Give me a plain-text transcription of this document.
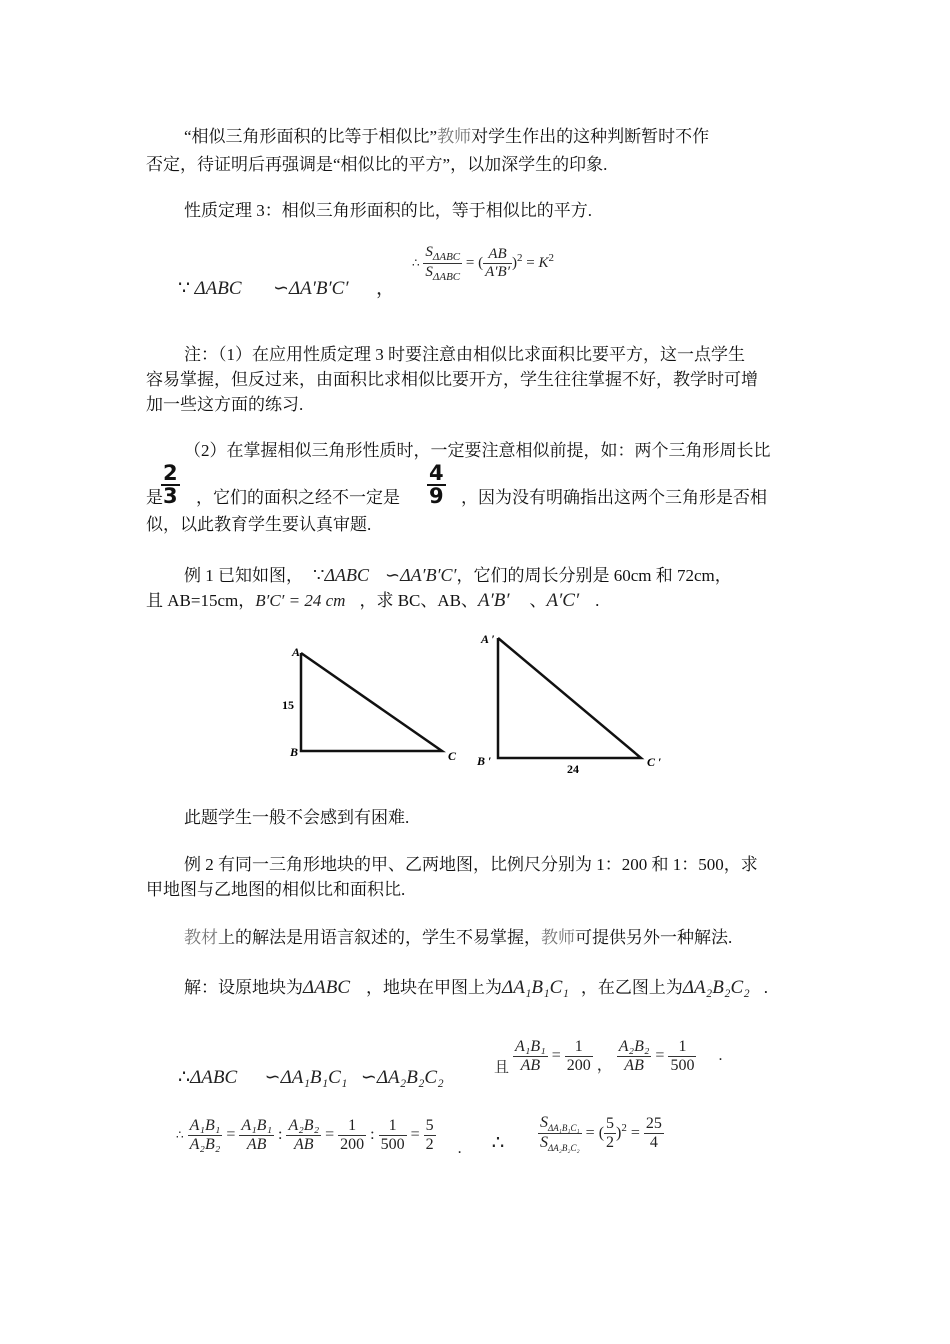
“相似三角形面积的比等于相似比”教师对学生作出的这种判断暂时不作
否定，待证明后再强调是“相似比的平方”，以加深学生的印象.
性质定理 3：相似三角形面积的比，等于相似比的平方.
∵ ΔABC ∽ΔA′B′C′ ，
∴ $\frac{S_{\Delta ABC}}{S_{\Delta ABC}}$ = ( $\frac{AB}{A'B'} )^2 = K^2$
注：（1）在应用性质定理 3 时要注意由相似比求面积比要平方，这一点学生
容易掌握，但反过来，由面积比求相似比要开方，学生往往掌握不好，教学时可增
加一些这方面的练习.
（2）在掌握相似三角形性质时，一定要注意相似前提，如：两个三角形周长比
是
$\frac{2}{3}$ ，它们的面积之经不一定是 $\frac{4}{9}$ ，因为没有明确指出这两个三角形是否相
似，以此教育学生要认真审题.
例 1 已知如图， ∵ΔABC ∽ΔA′B′C′，它们的周长分别是 60cm 和 72cm，
且 AB=15cm，B′C′ = 24 cm ，求 BC、AB、A′B′ 、A′C′ .
A
B	C
15
A ′
B ′	C ′
24
此题学生一般不会感到有困难.
例 2 有同一三角形地块的甲、乙两地图，比例尺分别为 1：200 和 1：500，求
甲地图与乙地图的相似比和面积比.
教材上的解法是用语言叙述的，学生不易掌握，教师可提供另外一种解法.
解：设原地块为ΔABC ，地块在甲图上为ΔA₁B₁C₁ ，在乙图上为ΔA₂B₂C₂ .
∴ΔABC ∽ΔA₁B₁C₁ ∽ΔA₂B₂C₂	且 $\frac{\text{A₁B₁}}{AB} = \frac{1}{200}$ ， $\frac{\text{A₂B₂}}{AB} = \frac{1}{500}$ .
∴ $\frac{\text{A₁B₁}}{\text{A₂B₂}} = \frac{\text{A₁B₁}}{AB}$ : $\frac{\text{A₂B₂}}{AB} = \frac{1}{200}$ : $\frac{1}{500} = \frac{5}{2}$ . ∴ $\frac{S_{\Delta A_1B_1C_1}}{S_{\Delta A_2B_2C_2}}$ = ( $\frac{5}{2} )^2 = \frac{25}{4}$
